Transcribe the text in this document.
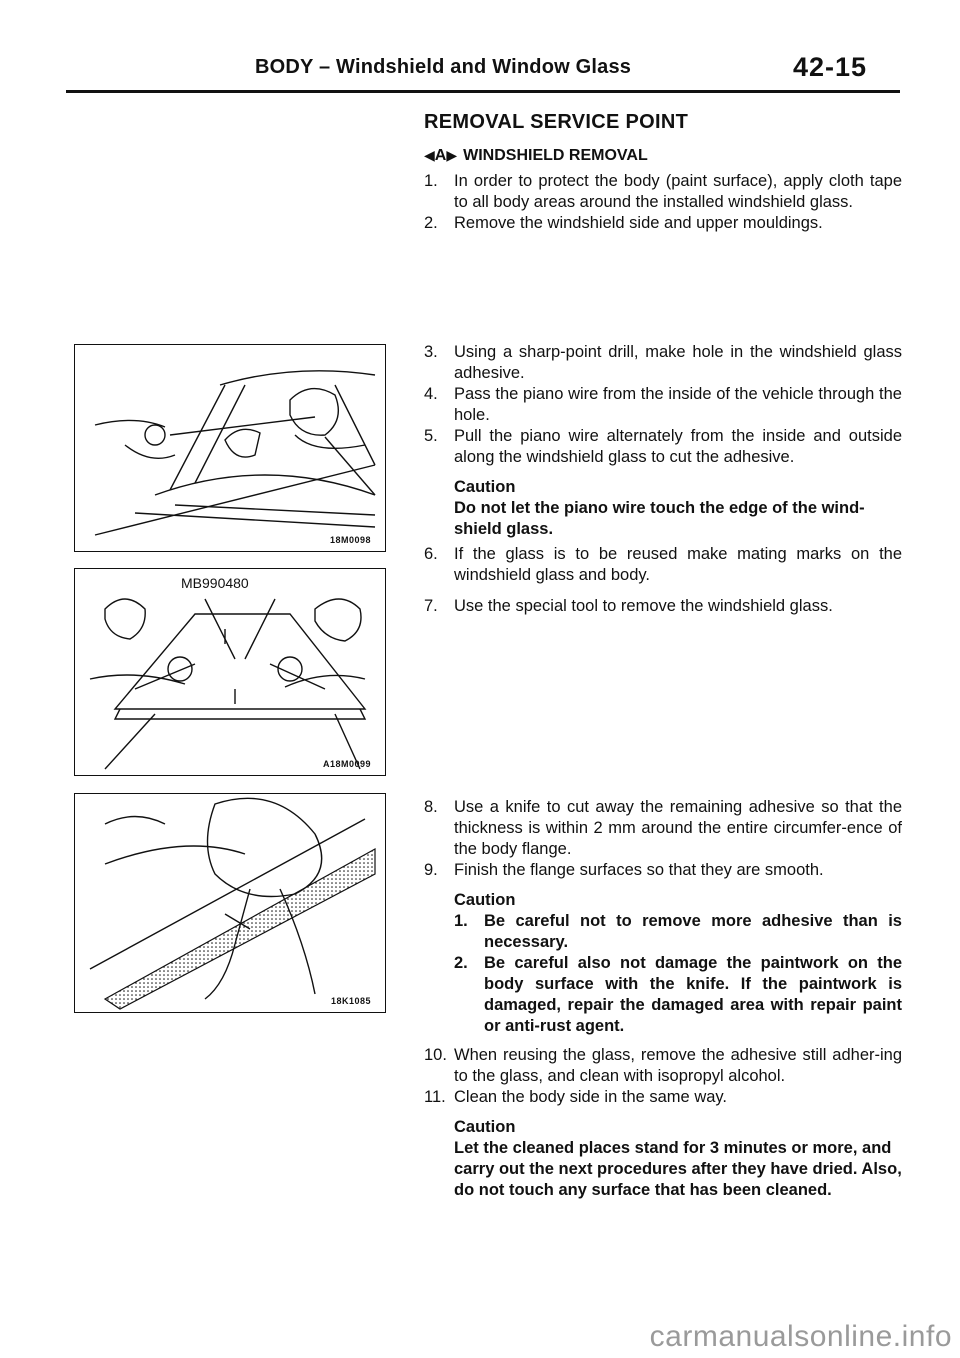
BODY – Windshield and Window Glass	42-15
REMOVAL SERVICE POINT
◀ A ▶ WINDSHIELD REMOVAL
1. In order to protect the body (paint surface), apply cloth tape to all body areas around the installed windshield glass.
2. Remove the windshield side and upper mouldings.
3. Using a sharp-point drill, make hole in the windshield glass adhesive.
4. Pass the piano wire from the inside of the vehicle through the hole.
5. Pull the piano wire alternately from the inside and outside along the windshield glass to cut the adhesive.
Caution
Do not let the piano wire touch the edge of the wind-shield glass.
6. If the glass is to be reused make mating marks on the windshield glass and body.
7. Use the special tool to remove the windshield glass.
8. Use a knife to cut away the remaining adhesive so that the thickness is within 2 mm around the entire circumfer-ence of the body flange.
9. Finish the flange surfaces so that they are smooth.
Caution
1. Be careful not to remove more adhesive than is necessary.
2. Be careful also not damage the paintwork on the body surface with the knife. If the paintwork is damaged, repair the damaged area with repair paint or anti-rust agent.
10. When reusing the glass, remove the adhesive still adher-ing to the glass, and clean with isopropyl alcohol.
11. Clean the body side in the same way.
Caution
Let the cleaned places stand for 3 minutes or more, and carry out the next procedures after they have dried. Also, do not touch any surface that has been cleaned.
18M0098
MB990480
A18M0099
18K1085
carmanualsonline.info
